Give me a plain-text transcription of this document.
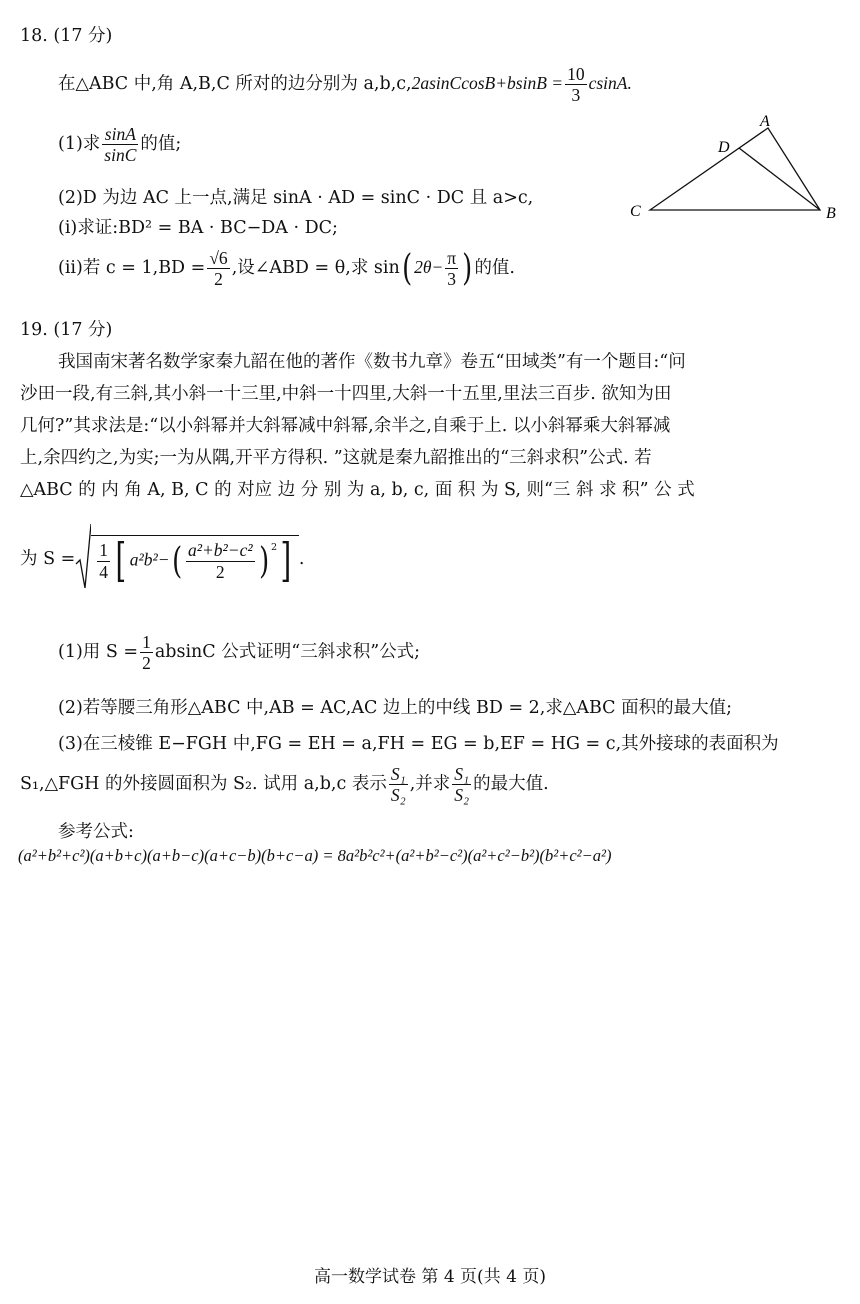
18. (17 分)
在△ABC 中,角 A,B,C 所对的边分别为 a,b,c,2asinCcosB+bsinB = $\frac{10}{3} csinA$.
(1)求 $\frac{\sin A}{\sin C}$ 的值;
(2)D 为边 AC 上一点,满足 sinA · AD = sinC · DC 且 a>c,
(i)求证:BD² = BA · BC−DA · DC;
(ii)若 $c = 1,BD = \frac{√6}{2}$ ,设∠ABD = θ,求 sin( $2\theta- \frac{\pi}{3}$ ) 的值.
A
D
C	B
19. (17 分)
我国南宋著名数学家秦九韶在他的著作《数书九章》卷五“田域类”有一个题目:“问
沙田一段,有三斜,其小斜一十三里,中斜一十四里,大斜一十五里,里法三百步. 欲知为田
几何?”其求法是:“以小斜幂并大斜幂减中斜幂,余半之,自乘于上. 以小斜幂乘大斜幂减
上,余四约之,为实;一为从隅,开平方得积. ”这就是秦九韶推出的“三斜求积”公式. 若
△ABC 的 内 角 A, B, C 的 对应 边 分 别 为 a, b, c, 面 积 为 S, 则“三 斜 求 积” 公 式
为 $S = \frac{1}{4}$ [ $a^2b^2-( \frac{\text{a²+b²−c²}}{2}$ ) $^2$] .
(1)用 $S = \frac{1}{2}$ absinC 公式证明“三斜求积”公式;
(2)若等腰三角形△ABC 中,AB = AC,AC 边上的中线 BD = 2,求△ABC 面积的最大值;
(3)在三棱锥 E−FGH 中,FG = EH = a,FH = EG = b,EF = HG = c,其外接球的表面积为
S₁,△FGH 的外接圆面积为 S₂. 试用 a,b,c 表示 $\frac{\text{S₁}}{\text{S₂}}$ ,并求 $\frac{\text{S₁}}{\text{S₂}}$ 的最大值.
参考公式:
(a²+b²+c²)(a+b+c)(a+b−c)(a+c−b)(b+c−a) = 8a²b²c²+(a²+b²−c²)(a²+c²−b²)(b²+c²−a²)
高一数学试卷 第 4 页(共 4 页)
